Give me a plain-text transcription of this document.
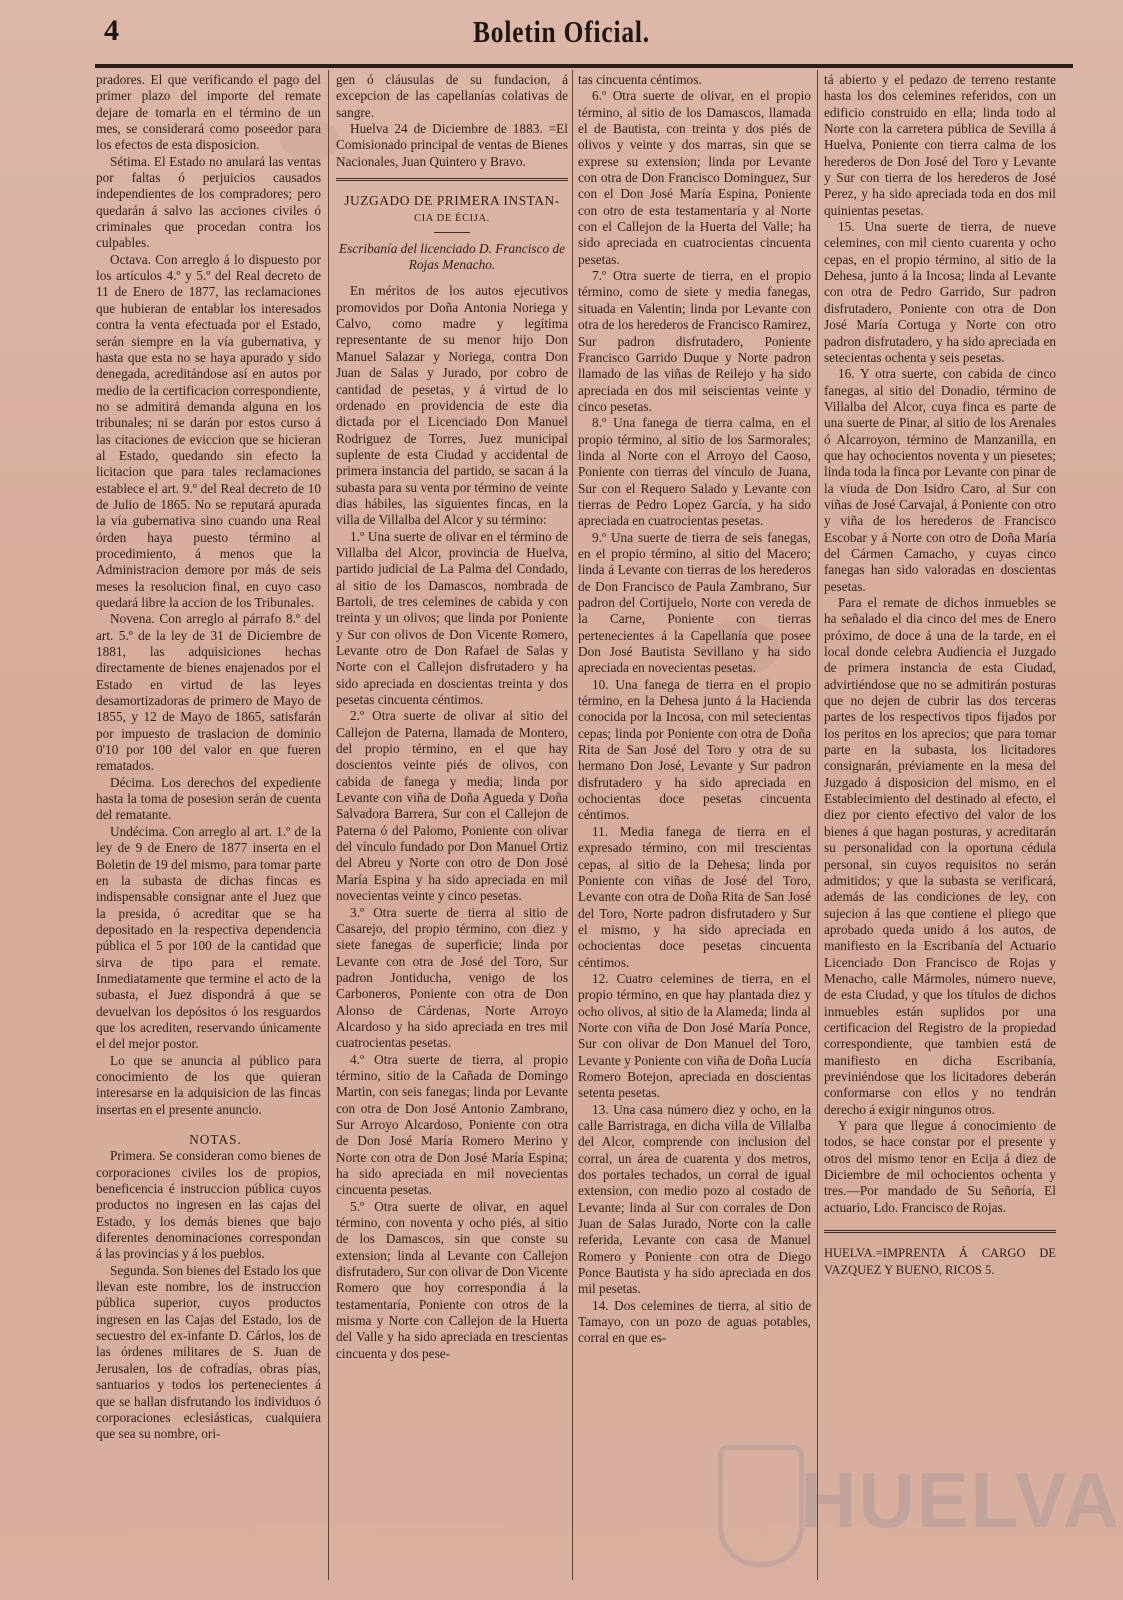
4	Boletin Oficial.

pradores. El que verificando el pago del primer plazo del importe del remate dejare de tomarla en el término de un mes, se considerará como poseedor para los efectos de esta disposicion.

Sétima. El Estado no anulará las ventas por faltas ó perjuicios causados independientes de los compradores; pero quedarán á salvo las acciones civiles ó criminales que procedan contra los culpables.

Octava. Con arreglo á lo dispuesto por los artículos 4.º y 5.º del Real decreto de 11 de Enero de 1877, las reclamaciones que hubieran de entablar los interesados contra la venta efectuada por el Estado, serán siempre en la vía gubernativa, y hasta que esta no se haya apurado y sido denegada, acreditándose así en autos por medio de la certificacion correspondiente, no se admitirá demanda alguna en los tribunales; ni se darán por estos curso á las citaciones de eviccion que se hicieran al Estado, quedando sin efecto la licitacion que para tales reclamaciones establece el art. 9.º del Real decreto de 10 de Julio de 1865. No se reputará apurada la vía gubernativa sino cuando una Real órden haya puesto término al procedimiento, á menos que la Administracion demore por más de seis meses la resolucion final, en cuyo caso quedará libre la accion de los Tribunales.

Novena. Con arreglo al párrafo 8.º del art. 5.º de la ley de 31 de Diciembre de 1881, las adquisiciones hechas directamente de bienes enajenados por el Estado en virtud de las leyes desamortizadoras de primero de Mayo de 1855, y 12 de Mayo de 1865, satisfarán por impuesto de traslacion de dominio 0'10 por 100 del valor en que fueren rematados.

Décima. Los derechos del expediente hasta la toma de posesion serán de cuenta del rematante.

Undécima. Con arreglo al art. 1.º de la ley de 9 de Enero de 1877 inserta en el Boletin de 19 del mismo, para tomar parte en la subasta de dichas fincas es indispensable consignar ante el Juez que la presida, ó acreditar que se ha depositado en la respectiva dependencia pública el 5 por 100 de la cantidad que sirva de tipo para el remate. Inmediatamente que termine el acto de la subasta, el Juez dispondrá á que se devuelvan los depósitos ó los resguardos que los acrediten, reservando únicamente el del mejor postor.

Lo que se anuncia al público para conocimiento de los que quieran interesarse en la adquisicion de las fincas insertas en el presente anuncio.

NOTAS.

Primera. Se consideran como bienes de corporaciones civiles los de propios, beneficencia é instruccion pública cuyos productos no ingresen en las cajas del Estado, y los demás bienes que bajo diferentes denominaciones correspondan á las provincias y á los pueblos.

Segunda. Son bienes del Estado los que llevan este nombre, los de instruccion pública superior, cuyos productos ingresen en las Cajas del Estado, los de secuestro del ex-infante D. Cárlos, los de las órdenes militares de S. Juan de Jerusalen, los de cofradías, obras pías, santuarios y todos los pertenecientes á que se hallan disfrutando los individuos ó corporaciones eclesiásticas, cualquiera que sea su nombre, ori-

gen ó cláusulas de su fundacion, á excepcion de las capellanías colativas de sangre.

Huelva 24 de Diciembre de 1883. =El Comisionado principal de ventas de Bienes Nacionales, Juan Quintero y Bravo.

JUZGADO DE PRIMERA INSTAN-
CIA DE ÉCIJA.

Escribanía del licenciado D. Francisco de Rojas Menacho.

En méritos de los autos ejecutivos promovidos por Doña Antonia Noriega y Calvo, como madre y legítima representante de su menor hijo Don Manuel Salazar y Noriega, contra Don Juan de Salas y Jurado, por cobro de cantidad de pesetas, y á virtud de lo ordenado en providencia de este dia dictada por el Licenciado Don Manuel Rodriguez de Torres, Juez municipal suplente de esta Ciudad y accidental de primera instancia del partido, se sacan á la subasta para su venta por término de veinte dias hábiles, las siguientes fincas, en la villa de Villalba del Alcor y su término:

1.º Una suerte de olivar en el término de Villalba del Alcor, provincia de Huelva, partido judicial de La Palma del Condado, al sitio de los Damascos, nombrada de Bartoli, de tres celemines de cabida y con treinta y un olivos; que linda por Poniente y Sur con olivos de Don Vicente Romero, Levante otro de Don Rafael de Salas y Norte con el Callejon disfrutadero y ha sido apreciada en doscientas treinta y dos pesetas cincuenta céntimos.

2.º Otra suerte de olivar al sitio del Callejon de Paterna, llamada de Montero, del propio término, en el que hay doscientos veinte piés de olivos, con cabida de fanega y media; linda por Levante con viña de Doña Agueda y Doña Salvadora Barrera, Sur con el Callejon de Paterna ó del Palomo, Poniente con olivar del vínculo fundado por Don Manuel Ortiz del Abreu y Norte con otro de Don José María Espina y ha sido apreciada en mil novecientas veinte y cinco pesetas.

3.º Otra suerte de tierra al sitio de Casarejo, del propio término, con diez y siete fanegas de superficie; linda por Levante con otra de José del Toro, Sur padron Jontiducha, venigo de los Carboneros, Poniente con otra de Don Alonso de Cárdenas, Norte Arroyo Alcardoso y ha sido apreciada en tres mil cuatrocientas pesetas.

4.º Otra suerte de tierra, al propio término, sitio de la Cañada de Domingo Martin, con seis fanegas; linda por Levante con otra de Don José Antonio Zambrano, Sur Arroyo Alcardoso, Poniente con otra de Don José María Romero Merino y Norte con otra de Don José María Espina; ha sido apreciada en mil novecientas cincuenta pesetas.

5.º Otra suerte de olivar, en aquel término, con noventa y ocho piés, al sitio de los Damascos, sin que conste su extension; linda al Levante con Callejon disfrutadero, Sur con olivar de Don Vicente Romero que hoy correspondia á la testamentaría, Poniente con otros de la misma y Norte con Callejon de la Huerta del Valle y ha sido apreciada en trescientas cincuenta y dos pese-

tas cincuenta céntimos.

6.º Otra suerte de olivar, en el propio término, al sitio de los Damascos, llamada el de Bautista, con treinta y dos piés de olivos y veinte y dos marras, sin que se exprese su extension; linda por Levante con otra de Don Francisco Dominguez, Sur con el Don José María Espina, Poniente con otro de esta testamentaría y al Norte con el Callejon de la Huerta del Valle; ha sido apreciada en cuatrocientas cincuenta pesetas.

7.º Otra suerte de tierra, en el propio término, como de siete y media fanegas, situada en Valentin; linda por Levante con otra de los herederos de Francisco Ramirez, Sur padron disfrutadero, Poniente Francisco Garrido Duque y Norte padron llamado de las viñas de Reilejo y ha sido apreciada en dos mil seiscientas veinte y cinco pesetas.

8.º Una fanega de tierra calma, en el propio término, al sitio de los Sarmorales; linda al Norte con el Arroyo del Caoso, Poniente con tierras del vínculo de Juana, Sur con el Requero Salado y Levante con tierras de Pedro Lopez García, y ha sido apreciada en cuatrocientas pesetas.

9.º Una suerte de tierra de seis fanegas, en el propio término, al sitio del Macero; linda á Levante con tierras de los herederos de Don Francisco de Paula Zambrano, Sur padron del Cortijuelo, Norte con vereda de la Carne, Poniente con tierras pertenecientes á la Capellanía que posee Don José Bautista Sevillano y ha sido apreciada en novecientas pesetas.

10. Una fanega de tierra en el propio término, en la Dehesa junto á la Hacienda conocida por la Incosa, con mil setecientas cepas; linda por Poniente con otra de Doña Rita de San José del Toro y otra de su hermano Don José, Levante y Sur padron disfrutadero y ha sido apreciada en ochocientas doce pesetas cincuenta céntimos.

11. Media fanega de tierra en el expresado término, con mil trescientas cepas, al sitio de la Dehesa; linda por Poniente con viñas de José del Toro, Levante con otra de Doña Rita de San José del Toro, Norte padron disfrutadero y Sur el mismo, y ha sido apreciada en ochocientas doce pesetas cincuenta céntimos.

12. Cuatro celemines de tierra, en el propio término, en que hay plantada diez y ocho olivos, al sitio de la Alameda; linda al Norte con viña de Don José María Ponce, Sur con olivar de Don Manuel del Toro, Levante y Poniente con viña de Doña Lucía Romero Botejon, apreciada en doscientas setenta pesetas.

13. Una casa número diez y ocho, en la calle Barristraga, en dicha villa de Villalba del Alcor, comprende con inclusion del corral, un área de cuarenta y dos metros, dos portales techados, un corral de igual extension, con medio pozo al costado de Levante; linda al Sur con corrales de Don Juan de Salas Jurado, Norte con la calle referida, Levante con casa de Manuel Romero y Poniente con otra de Diego Ponce Bautista y ha sido apreciada en dos mil pesetas.

14. Dos celemines de tierra, al sitio de Tamayo, con un pozo de aguas potables, corral en que es-

tá abierto y el pedazo de terreno restante hasta los dos celemines referidos, con un edificio construido en ella; linda todo al Norte con la carretera pública de Sevilla á Huelva, Poniente con tierra calma de los herederos de Don José del Toro y Levante y Sur con tierra de los herederos de José Perez, y ha sido apreciada toda en dos mil quinientas pesetas.

15. Una suerte de tierra, de nueve celemines, con mil ciento cuarenta y ocho cepas, en el propio término, al sitio de la Dehesa, junto á la Incosa; linda al Levante con otra de Pedro Garrido, Sur padron disfrutadero, Poniente con otra de Don José María Cortuga y Norte con otro padron disfrutadero, y ha sido apreciada en setecientas ochenta y seis pesetas.

16. Y otra suerte, con cabida de cinco fanegas, al sitio del Donadio, término de Villalba del Alcor, cuya finca es parte de una suerte de Pinar, al sitio de los Arenales ó Alcarroyon, término de Manzanilla, en que hay ochocientos noventa y un piesetes; linda toda la finca por Levante con pinar de la viuda de Don Isidro Caro, al Sur con viñas de José Carvajal, á Poniente con otro y viña de los herederos de Francisco Escobar y á Norte con otro de Doña María del Cármen Camacho, y cuyas cinco fanegas han sido valoradas en doscientas pesetas.

Para el remate de dichos inmuebles se ha señalado el dia cinco del mes de Enero próximo, de doce á una de la tarde, en el local donde celebra Audiencia el Juzgado de primera instancia de esta Ciudad, advirtiéndose que no se admitirán posturas que no dejen de cubrir las dos terceras partes de los respectivos tipos fijados por los peritos en los aprecios; que para tomar parte en la subasta, los licitadores consignarán, préviamente en la mesa del Juzgado á disposicion del mismo, en el Establecimiento del destinado al efecto, el diez por ciento efectivo del valor de los bienes á que hagan posturas, y acreditarán su personalidad con la oportuna cédula personal, sin cuyos requisitos no serán admitidos; y que la subasta se verificará, además de las condiciones de ley, con sujecion á las que contiene el pliego que aprobado queda unido á los autos, de manifiesto en la Escribanía del Actuario Licenciado Don Francisco de Rojas y Menacho, calle Mármoles, número nueve, de esta Ciudad, y que los títulos de dichos inmuebles están suplidos por una certificacion del Registro de la propiedad correspondiente, que tambien está de manifiesto en dicha Escribanía, previniéndose que los licitadores deberán conformarse con ellos y no tendrán derecho á exigir ningunos otros.

Y para que llegue á conocimiento de todos, se hace constar por el presente y otros del mismo tenor en Ecija á diez de Diciembre de mil ochocientos ochenta y tres.—Por mandado de Su Señoría, El actuario, Ldo. Francisco de Rojas.

HUELVA.=IMPRENTA Á CARGO DE VAZQUEZ Y BUENO, RICOS 5.

HUELVA
